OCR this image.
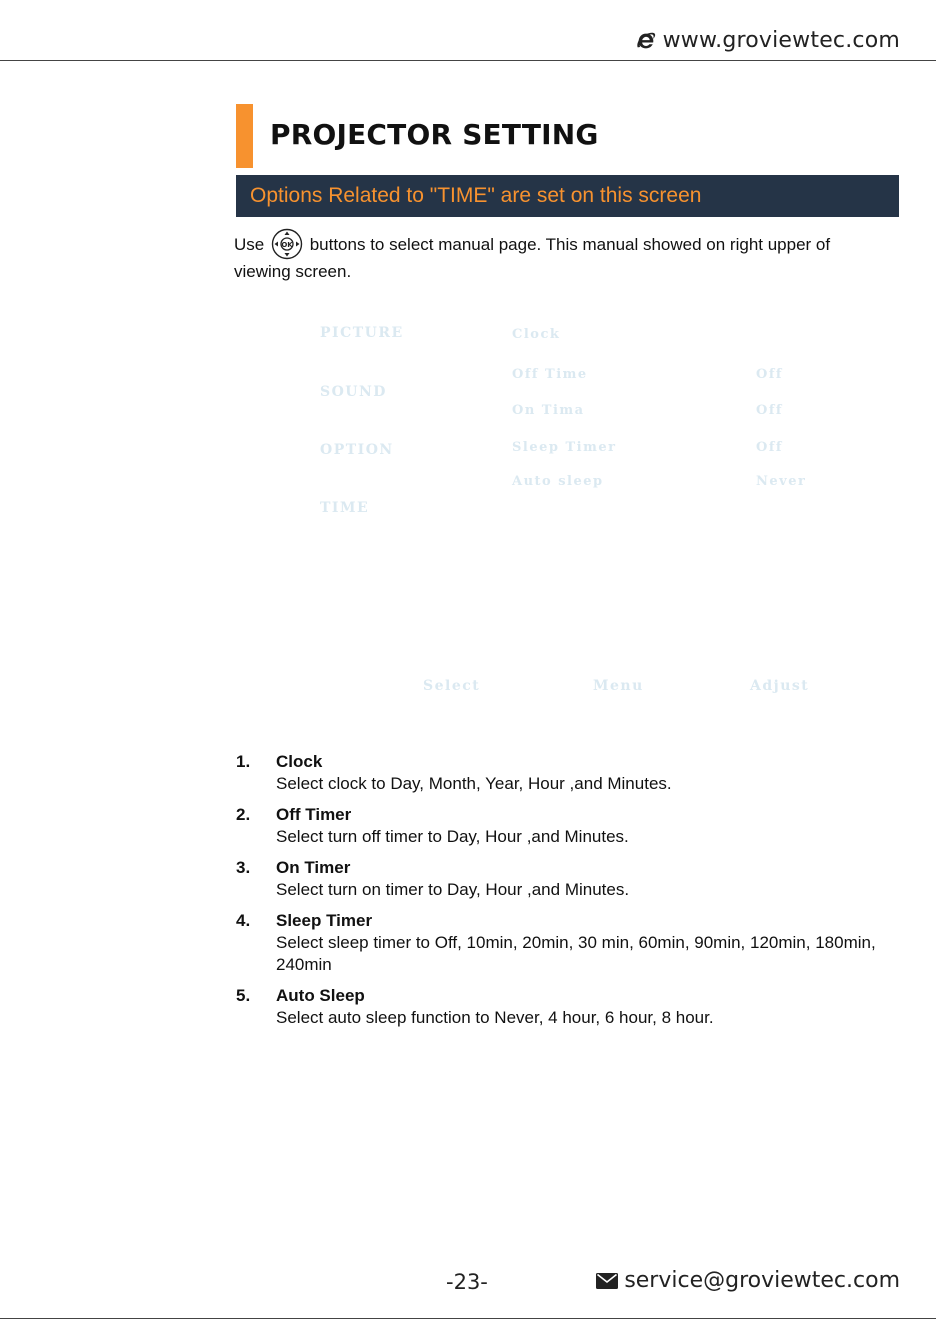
www.groviewtec.com
PROJECTOR SETTING
Options Related to "TIME" are set on this screen
Use OK buttons to select manual page. This manual showed on right upper of viewing screen.
PICTURE
SOUND
OPTION
TIME
Clock
Off Time	Off
On Tima	Off
Sleep Timer	Off
Auto sleep	Never
Select	Menu	Adjust
1.	Clock
Select clock to Day, Month, Year, Hour ,and Minutes.
2.	Off Timer
Select turn off timer to Day, Hour ,and Minutes.
3.	On Timer
Select turn on timer to Day, Hour ,and Minutes.
4.	Sleep Timer
Select sleep timer to Off, 10min, 20min, 30 min, 60min, 90min, 120min, 180min, 240min
5.	Auto Sleep
Select auto sleep function to Never, 4 hour, 6 hour, 8 hour.
-23-	service@groviewtec.com
